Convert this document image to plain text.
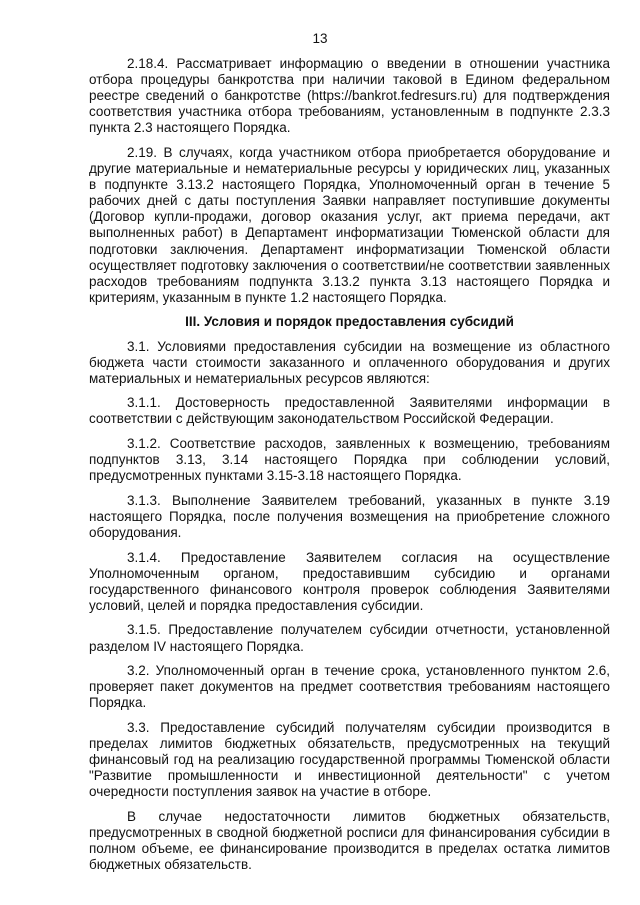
13

2.18.4. Рассматривает информацию о введении в отношении участника отбора процедуры банкротства при наличии таковой в Едином федеральном реестре сведений о банкротстве (https://bankrot.fedresurs.ru) для подтверждения соответствия участника отбора требованиям, установленным в подпункте 2.3.3 пункта 2.3 настоящего Порядка.

2.19. В случаях, когда участником отбора приобретается оборудование и другие материальные и нематериальные ресурсы у юридических лиц, указанных в подпункте 3.13.2 настоящего Порядка, Уполномоченный орган в течение 5 рабочих дней с даты поступления Заявки направляет поступившие документы (Договор купли-продажи, договор оказания услуг, акт приема передачи, акт выполненных работ) в Департамент информатизации Тюменской области для подготовки заключения. Департамент информатизации Тюменской области осуществляет подготовку заключения о соответствии/не соответствии заявленных расходов требованиям подпункта 3.13.2 пункта 3.13 настоящего Порядка и критериям, указанным в пункте 1.2 настоящего Порядка.

III. Условия и порядок предоставления субсидий

3.1. Условиями предоставления субсидии на возмещение из областного бюджета части стоимости заказанного и оплаченного оборудования и других материальных и нематериальных ресурсов являются:

3.1.1. Достоверность предоставленной Заявителями информации в соответствии с действующим законодательством Российской Федерации.

3.1.2. Соответствие расходов, заявленных к возмещению, требованиям подпунктов 3.13, 3.14 настоящего Порядка при соблюдении условий, предусмотренных пунктами 3.15-3.18 настоящего Порядка.

3.1.3. Выполнение Заявителем требований, указанных в пункте 3.19 настоящего Порядка, после получения возмещения на приобретение сложного оборудования.

3.1.4. Предоставление Заявителем согласия на осуществление Уполномоченным органом, предоставившим субсидию и органами государственного финансового контроля проверок соблюдения Заявителями условий, целей и порядка предоставления субсидии.

3.1.5. Предоставление получателем субсидии отчетности, установленной разделом IV настоящего Порядка.

3.2. Уполномоченный орган в течение срока, установленного пунктом 2.6, проверяет пакет документов на предмет соответствия требованиям настоящего Порядка.

3.3. Предоставление субсидий получателям субсидии производится в пределах лимитов бюджетных обязательств, предусмотренных на текущий финансовый год на реализацию государственной программы Тюменской области "Развитие промышленности и инвестиционной деятельности" с учетом очередности поступления заявок на участие в отборе.

В случае недостаточности лимитов бюджетных обязательств, предусмотренных в сводной бюджетной росписи для финансирования субсидии в полном объеме, ее финансирование производится в пределах остатка лимитов бюджетных обязательств.
